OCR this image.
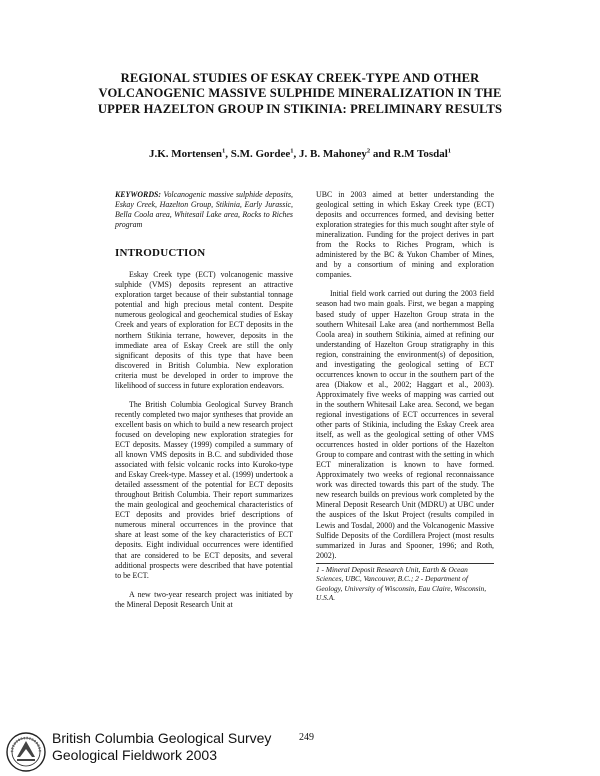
REGIONAL STUDIES OF ESKAY CREEK-TYPE AND OTHER VOLCANOGENIC MASSIVE SULPHIDE MINERALIZATION IN THE UPPER HAZELTON GROUP IN STIKINIA: PRELIMINARY RESULTS
J.K. Mortensen$^1$, S.M. Gordee$^1$, J. B. Mahoney$^2$ and R.M Tosdal$^1$

KEYWORDS: Volcanogenic massive sulphide deposits, Eskay Creek, Hazelton Group, Stikinia, Early Jurassic, Bella Coola area, Whitesail Lake area, Rocks to Riches program

INTRODUCTION

Eskay Creek type (ECT) volcanogenic massive sulphide (VMS) deposits represent an attractive exploration target because of their substantial tonnage potential and high precious metal content. Despite numerous geological and geochemical studies of Eskay Creek and years of exploration for ECT deposits in the northern Stikinia terrane, however, deposits in the immediate area of Eskay Creek are still the only significant deposits of this type that have been discovered in British Columbia. New exploration criteria must be developed in order to improve the likelihood of success in future exploration endeavors.

The British Columbia Geological Survey Branch recently completed two major syntheses that provide an excellent basis on which to build a new research project focused on developing new exploration strategies for ECT deposits. Massey (1999) compiled a summary of all known VMS deposits in B.C. and subdivided those associated with felsic volcanic rocks into Kuroko-type and Eskay Creek-type. Massey et al. (1999) undertook a detailed assessment of the potential for ECT deposits throughout British Columbia. Their report summarizes the main geological and geochemical characteristics of ECT deposits and provides brief descriptions of numerous mineral occurrences in the province that share at least some of the key characteristics of ECT deposits. Eight individual occurrences were identified that are considered to be ECT deposits, and several additional prospects were described that have potential to be ECT.

A new two-year research project was initiated by the Mineral Deposit Research Unit at

UBC in 2003 aimed at better understanding the geological setting in which Eskay Creek type (ECT) deposits and occurrences formed, and devising better exploration strategies for this much sought after style of mineralization. Funding for the project derives in part from the Rocks to Riches Program, which is administered by the BC & Yukon Chamber of Mines, and by a consortium of mining and exploration companies.

Initial field work carried out during the 2003 field season had two main goals. First, we began a mapping based study of upper Hazelton Group strata in the southern Whitesail Lake area (and northernmost Bella Coola area) in southern Stikinia, aimed at refining our understanding of Hazelton Group stratigraphy in this region, constraining the environment(s) of deposition, and investigating the geological setting of ECT occurrences known to occur in the southern part of the area (Diakow et al., 2002; Haggart et al., 2003). Approximately five weeks of mapping was carried out in the southern Whitesail Lake area. Second, we began regional investigations of ECT occurrences in several other parts of Stikinia, including the Eskay Creek area itself, as well as the geological setting of other VMS occurrences hosted in older portions of the Hazelton Group to compare and contrast with the setting in which ECT mineralization is known to have formed. Approximately two weeks of regional reconnaissance work was directed towards this part of the study. The new research builds on previous work completed by the Mineral Deposit Research Unit (MDRU) at UBC under the auspices of the Iskut Project (results compiled in Lewis and Tosdal, 2000) and the Volcanogenic Massive Sulfide Deposits of the Cordillera Project (most results summarized in Juras and Spooner, 1996; and Roth, 2002).

1 - Mineral Deposit Research Unit, Earth & Ocean Sciences, UBC, Vancouver, B.C.; 2 - Department of Geology, University of Wisconsin, Eau Claire, Wisconsin, U.S.A.
British Columbia Geological Survey
Geological Fieldwork 2003
249
